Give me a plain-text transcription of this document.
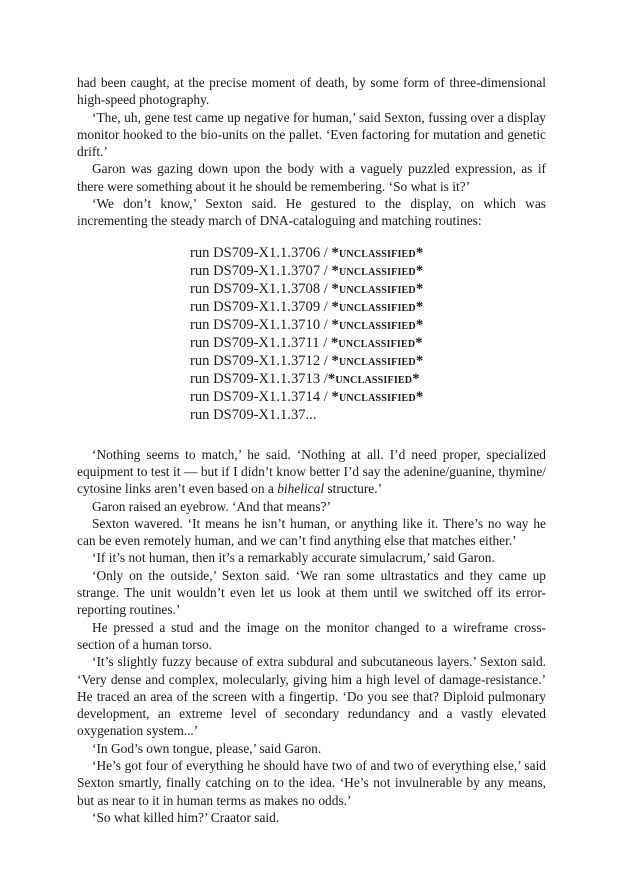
had been caught, at the precise moment of death, by some form of three-dimensional high-speed photography.

‘The, uh, gene test came up negative for human,’ said Sexton, fussing over a display monitor hooked to the bio-units on the pallet. ‘Even factoring for mutation and genetic drift.’

Garon was gazing down upon the body with a vaguely puzzled expression, as if there were something about it he should be remembering. ‘So what is it?’

‘We don’t know,’ Sexton said. He gestured to the display, on which was incrementing the steady march of DNA-cataloguing and matching routines:

run DS709-X1.1.3706 / *unclassified*
run DS709-X1.1.3707 / *unclassified*
run DS709-X1.1.3708 / *unclassified*
run DS709-X1.1.3709 / *unclassified*
run DS709-X1.1.3710 / *unclassified*
run DS709-X1.1.3711 / *unclassified*
run DS709-X1.1.3712 / *unclassified*
run DS709-X1.1.3713 /*unclassified*
run DS709-X1.1.3714 / *unclassified*
run DS709-X1.1.37...

‘Nothing seems to match,’ he said. ‘Nothing at all. I’d need proper, specialized equipment to test it — but if I didn’t know better I’d say the adenine/guanine, thymine/ cytosine links aren’t even based on a bihelical structure.’

Garon raised an eyebrow. ‘And that means?’

Sexton wavered. ‘It means he isn’t human, or anything like it. There’s no way he can be even remotely human, and we can’t find anything else that matches either.’

‘If it’s not human, then it’s a remarkably accurate simulacrum,’ said Garon.

‘Only on the outside,’ Sexton said. ‘We ran some ultrastatics and they came up strange. The unit wouldn’t even let us look at them until we switched off its error-reporting routines.’

He pressed a stud and the image on the monitor changed to a wireframe cross-section of a human torso.

‘It’s slightly fuzzy because of extra subdural and subcutaneous layers.’ Sexton said. ‘Very dense and complex, molecularly, giving him a high level of damage-resistance.’ He traced an area of the screen with a fingertip. ‘Do you see that? Diploid pulmonary development, an extreme level of secondary redundancy and a vastly elevated oxygenation system...’

‘In God’s own tongue, please,’ said Garon.

‘He’s got four of everything he should have two of and two of everything else,’ said Sexton smartly, finally catching on to the idea. ‘He’s not invulnerable by any means, but as near to it in human terms as makes no odds.’

‘So what killed him?’ Craator said.
